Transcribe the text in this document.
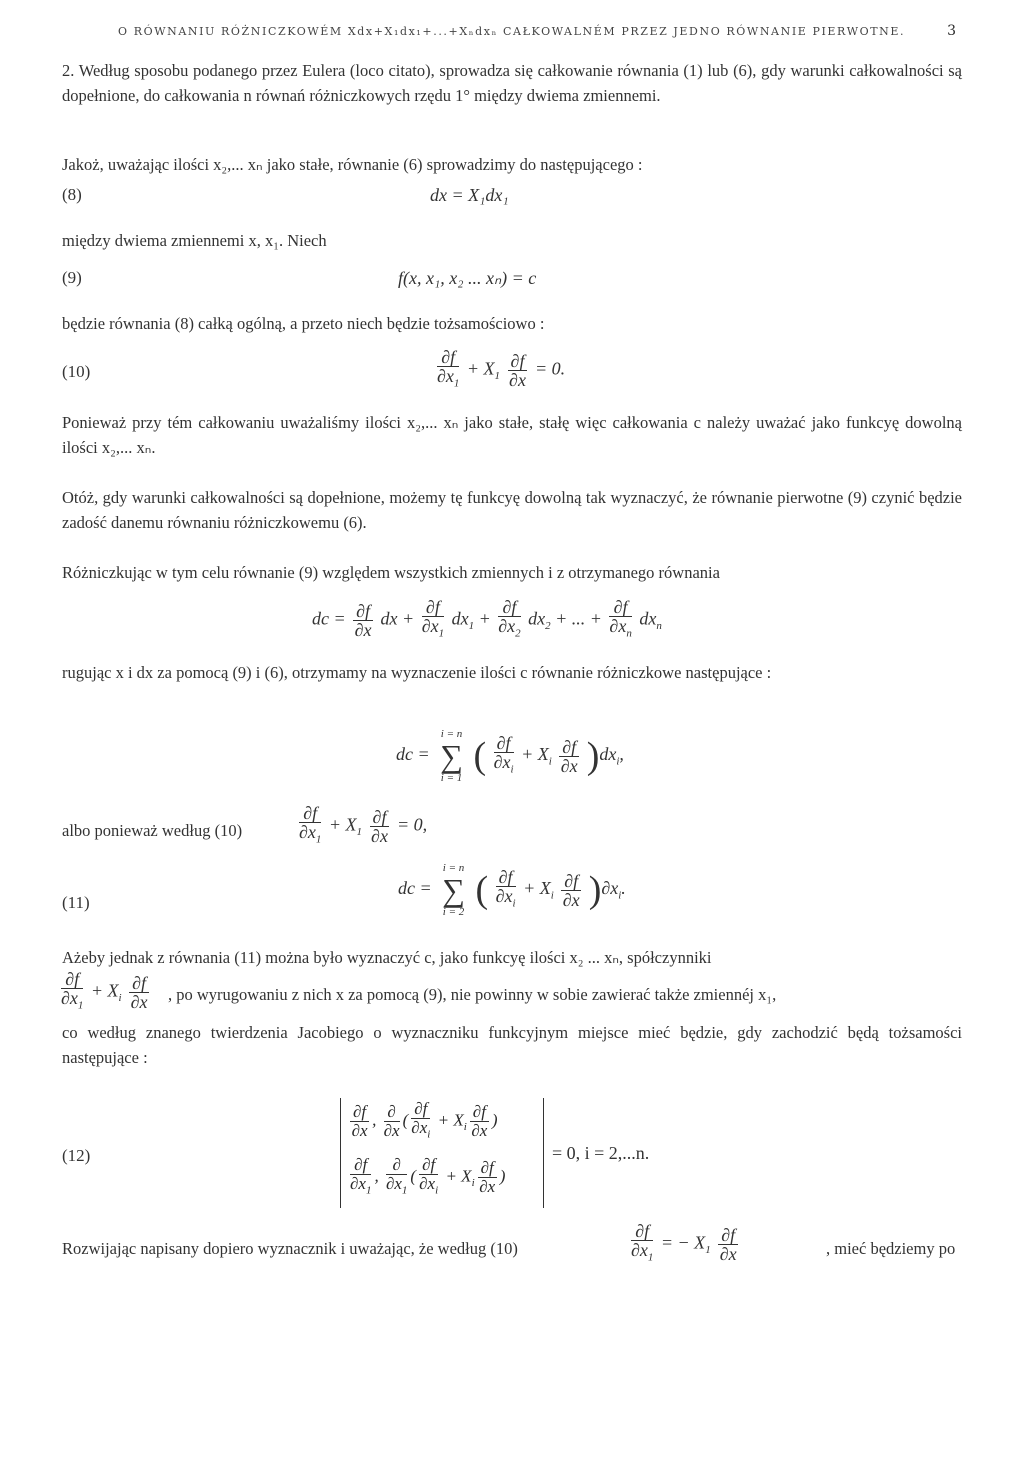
O RÓWNANIU RÓŻNICZKOWÉM Xdx+X₁dx₁+...+Xₙdxₙ CAŁKOWALNÉM PRZEZ JEDNO RÓWNANIE PIERWOTNE.	3
2. Według sposobu podanego przez Eulera (loco citato), sprowadza się całkowanie równania (1) lub (6), gdy warunki całkowalności są dopełnione, do całkowania n równań różniczkowych rzędu 1° między dwiema zmiennemi.
Jakoż, uważając ilości x₂,... xₙ jako stałe, równanie (6) sprowadzimy do następującego :
(8)	dx = X₁dx₁
między dwiema zmiennemi x, x₁. Niech
(9)	f(x, x₁, x₂ ... xₙ) = c
będzie równania (8) całką ogólną, a przeto niech będzie tożsamościowo :
(10)	$\frac{\partial f}{\partial x_1} + X_1 \frac{\partial f}{\partial x} = 0$.
Ponieważ przy tém całkowaniu uważaliśmy ilości x₂,... xₙ jako stałe, stałę więc całkowania c należy uważać jako funkcyę dowolną ilości x₂,... xₙ.
Otóż, gdy warunki całkowalności są dopełnione, możemy tę funkcyę dowolną tak wyznaczyć, że równanie pierwotne (9) czynić będzie zadość danemu równaniu różniczkowemu (6).
Różniczkując w tym celu równanie (9) względem wszystkich zmiennych i z otrzymanego równania
dc = $\frac{\partial f}{\partial x}$ dx + $\frac{\partial f}{\partial x_1} dx_1 + \frac{\partial f}{\partial x_2} dx_2$ + ... + $\frac{\partial f}{\partial x_n} dx_n$
rugując x i dx za pomocą (9) i (6), otrzymamy na wyznaczenie ilości c równanie różniczkowe następujące :
dc =
i = n
∑
i = 1
( $\frac{\partial f}{\partial x_i} + X_i \frac{\partial f}{\partial x} )dx_i$,
albo ponieważ według (10)	$\frac{\partial f}{\partial x_1} + X_1 \frac{\partial f}{\partial x} = 0$,
(11)
dc =
i = n
∑
i = 2
( $\frac{\partial f}{\partial x_i} + X_i \frac{\partial f}{\partial x} )\partial x_i$.
Ażeby jednak z równania (11) można było wyznaczyć c, jako funkcyę ilości x₂ ... xₙ, spółczynniki
$\frac{\partial f}{\partial x_1} + X_i \frac{\partial f}{\partial x}$ , po wyrugowaniu z nich x za pomocą (9), nie powinny w sobie zawierać także zmiennéj x₁,
co według znanego twierdzenia Jacobiego o wyznaczniku funkcyjnym miejsce mieć będzie, gdy zachodzić będą tożsamości następujące :
(12)
$\frac{\partial f}{\partial x}$ , $\frac{\partial}{\partial x}$ ( $\frac{\partial f}{\partial x_i} + X_i \frac{\partial f}{\partial x}$ )
$\frac{\partial f}{\partial x_1}$ , $\frac{\partial}{\partial x_1}$ ( $\frac{\partial f}{\partial x_i} + X_i \frac{\partial f}{\partial x}$ )
= 0, i = 2,...n.
Rozwijając napisany dopiero wyznacznik i uważając, że według (10)	$\frac{\partial f}{\partial x_1}$ = − $X_1 \frac{\partial f}{\partial x}$	, mieć będziemy po
